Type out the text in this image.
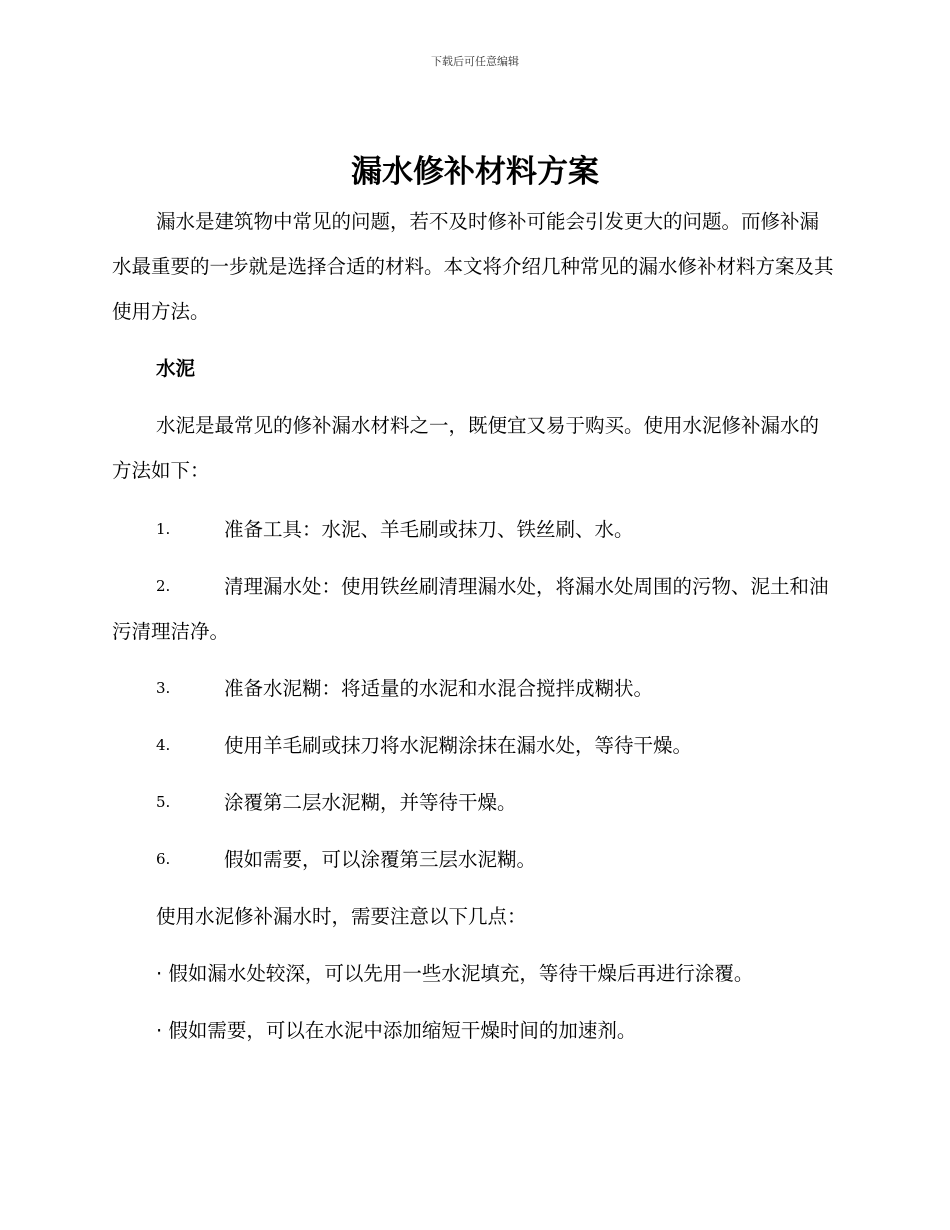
下载后可任意编辑
漏水修补材料方案

漏水是建筑物中常见的问题，若不及时修补可能会引发更大的问题。而修补漏水最重要的一步就是选择合适的材料。本文将介绍几种常见的漏水修补材料方案及其使用方法。

水泥

水泥是最常见的修补漏水材料之一，既便宜又易于购买。使用水泥修补漏水的方法如下：

1.	准备工具：水泥、羊毛刷或抹刀、铁丝刷、水。
2.	清理漏水处：使用铁丝刷清理漏水处，将漏水处周围的污物、泥土和油污清理洁净。
3.	准备水泥糊：将适量的水泥和水混合搅拌成糊状。
4.	使用羊毛刷或抹刀将水泥糊涂抹在漏水处，等待干燥。
5.	涂覆第二层水泥糊，并等待干燥。
6.	假如需要，可以涂覆第三层水泥糊。
使用水泥修补漏水时，需要注意以下几点：
· 假如漏水处较深，可以先用一些水泥填充，等待干燥后再进行涂覆。
· 假如需要，可以在水泥中添加缩短干燥时间的加速剂。
